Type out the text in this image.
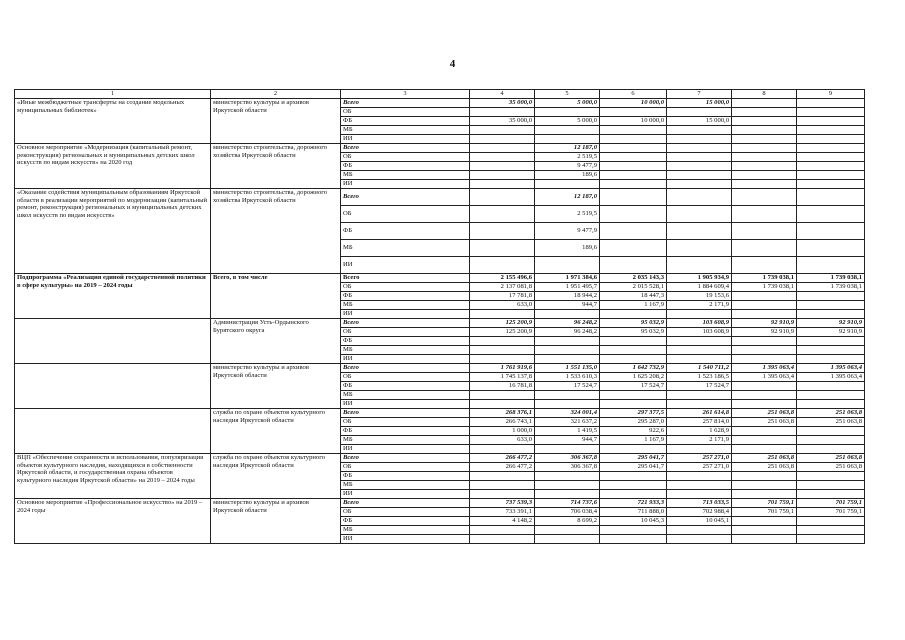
4
1	2	3	4	5	6	7	8	9
«Иные межбюджетные трансферты на создание модельных муниципальных библиотек»	министерство культуры и архивов Иркутской области	Всего	35 000,0	5 000,0	10 000,0	15 000,0		
		ОБ						
		ФБ	35 000,0	5 000,0	10 000,0	15 000,0		
		МБ						
		ИИ						
Основное мероприятие «Модернизация (капитальный ремонт, реконструкция) региональных и муниципальных детских школ искусств по видам искусств» на 2020 год	министерство строительства, дорожного хозяйства Иркутской области	Всего		12 187,0				
		ОБ		2 519,5				
		ФБ		9 477,9				
		МБ		189,6				
		ИИ						
«Оказание содействия муниципальным образованиям Иркутской области в реализации мероприятий по модернизации (капитальный ремонт, реконструкция) региональных и муниципальных детских школ искусств по видам искусств»	министерство строительства, дорожного хозяйства Иркутской области	Всего		12 187,0				
		ОБ		2 519,5				
		ФБ		9 477,9				
		МБ		189,6				
		ИИ						
Подпрограмма «Реализация единой государственной политики в сфере культуры» на 2019 – 2024 годы	Всего, в том числе	Всего	2 155 496,6	1 971 384,6	2 035 143,3	1 905 934,9	1 739 038,1	1 739 038,1
		ОБ	2 137 081,8	1 951 495,7	2 015 528,1	1 884 609,4	1 739 038,1	1 739 038,1
		ФБ	17 781,8	18 944,2	18 447,3	19 153,6		
		МБ	633,0	944,7	1 167,9	2 171,9		
		ИИ						
	Администрация Усть-Ордынского Бурятского округа	Всего	125 200,9	96 248,2	95 032,9	103 608,9	92 910,9	92 910,9
		ОБ	125 200,9	96 248,2	95 032,9	103 608,9	92 910,9	92 910,9
		ФБ						
		МБ						
		ИИ						
	министерство культуры и архивов Иркутской области	Всего	1 761 919,6	1 551 135,0	1 642 732,9	1 540 711,2	1 395 063,4	1 395 063,4
		ОБ	1 745 137,8	1 533 610,3	1 625 208,2	1 523 186,5	1 395 063,4	1 395 063,4
		ФБ	16 781,8	17 524,7	17 524,7	17 524,7		
		МБ						
		ИИ						
	служба по охране объектов культурного наследия Иркутской области	Всего	268 376,1	324 001,4	297 377,5	261 614,8	251 063,8	251 063,8
		ОБ	266 743,1	321 637,2	295 287,0	257 814,0	251 063,8	251 063,8
		ФБ	1 000,0	1 419,5	922,6	1 628,9		
		МБ	633,0	944,7	1 167,9	2 171,9		
		ИИ						
ВЦП «Обеспечение сохранности и использования, популяризация объектов культурного наследия, находящихся в собственности Иркутской области, и государственная охрана объектов культурного наследия Иркутской области» на 2019 – 2024 годы	служба по охране объектов культурного наследия Иркутской области	Всего	266 477,2	306 367,8	295 041,7	257 271,0	251 063,8	251 063,8
		ОБ	266 477,2	306 367,8	295 041,7	257 271,0	251 063,8	251 063,8
		ФБ						
		МБ						
		ИИ						
Основное мероприятие «Профессиональное искусство» на 2019 – 2024 годы	министерство культуры и архивов Иркутской области	Всего	737 539,3	714 737,6	721 933,3	713 033,5	701 759,1	701 759,1
		ОБ	733 391,1	706 038,4	711 888,0	702 988,4	701 759,1	701 759,1
		ФБ	4 148,2	8 699,2	10 045,3	10 045,1		
		МБ						
		ИИ						
